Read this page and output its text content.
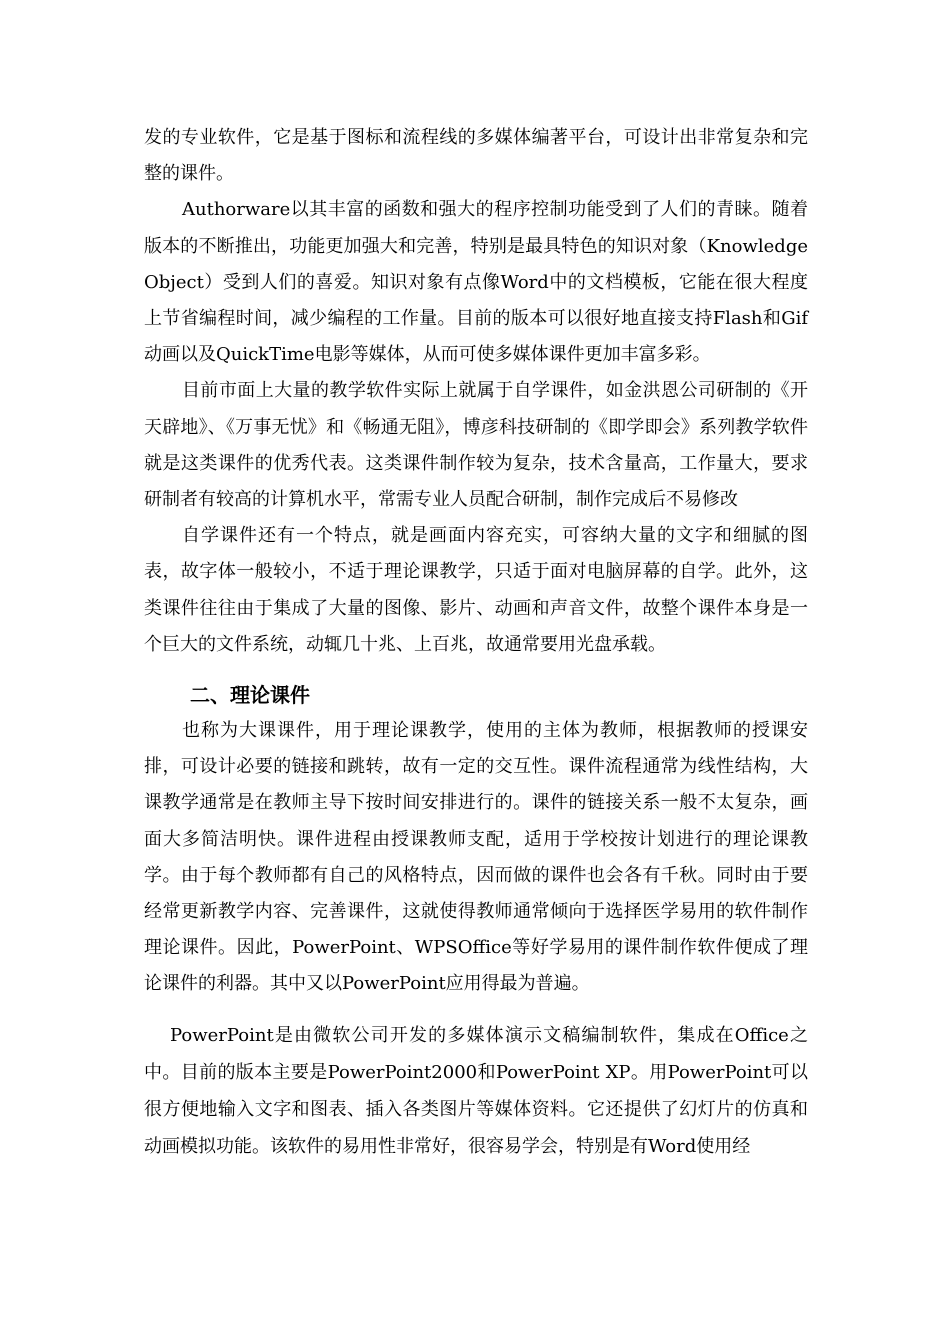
发的专业软件，它是基于图标和流程线的多媒体编著平台，可设计出非常复杂和完整的课件。

Authorware以其丰富的函数和强大的程序控制功能受到了人们的青睐。随着版本的不断推出，功能更加强大和完善，特别是最具特色的知识对象（Knowledge Object）受到人们的喜爱。知识对象有点像Word中的文档模板，它能在很大程度上节省编程时间，减少编程的工作量。目前的版本可以很好地直接支持Flash和Gif动画以及QuickTime电影等媒体，从而可使多媒体课件更加丰富多彩。

目前市面上大量的教学软件实际上就属于自学课件，如金洪恩公司研制的《开天辟地》、《万事无忧》和《畅通无阻》，博彦科技研制的《即学即会》系列教学软件就是这类课件的优秀代表。这类课件制作较为复杂，技术含量高，工作量大，要求研制者有较高的计算机水平，常需专业人员配合研制，制作完成后不易修改

自学课件还有一个特点，就是画面内容充实，可容纳大量的文字和细腻的图表，故字体一般较小，不适于理论课教学，只适于面对电脑屏幕的自学。此外，这类课件往往由于集成了大量的图像、影片、动画和声音文件，故整个课件本身是一个巨大的文件系统，动辄几十兆、上百兆，故通常要用光盘承载。

二、理论课件

也称为大课课件，用于理论课教学，使用的主体为教师，根据教师的授课安排，可设计必要的链接和跳转，故有一定的交互性。课件流程通常为线性结构，大课教学通常是在教师主导下按时间安排进行的。课件的链接关系一般不太复杂，画面大多简洁明快。课件进程由授课教师支配，适用于学校按计划进行的理论课教学。由于每个教师都有自己的风格特点，因而做的课件也会各有千秋。同时由于要经常更新教学内容、完善课件，这就使得教师通常倾向于选择医学易用的软件制作理论课件。因此，PowerPoint、WPSOffice等好学易用的课件制作软件便成了理论课件的利器。其中又以PowerPoint应用得最为普遍。

PowerPoint是由微软公司开发的多媒体演示文稿编制软件，集成在Office之中。目前的版本主要是PowerPoint2000和PowerPoint XP。用PowerPoint可以很方便地输入文字和图表、插入各类图片等媒体资料。它还提供了幻灯片的仿真和动画模拟功能。该软件的易用性非常好，很容易学会，特别是有Word使用经
